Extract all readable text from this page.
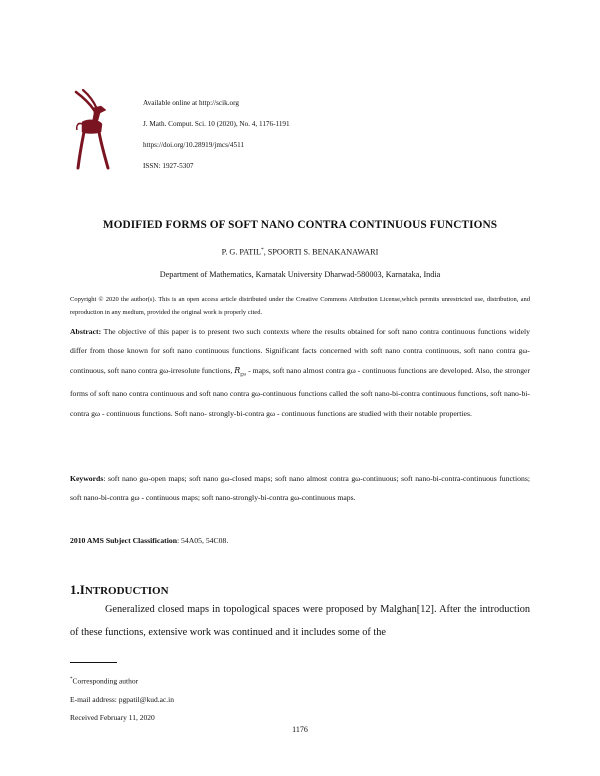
Available online at http://scik.org
J. Math. Comput. Sci. 10 (2020), No. 4, 1176-1191
https://doi.org/10.28919/jmcs/4511
ISSN: 1927-5307
MODIFIED FORMS OF SOFT NANO CONTRA CONTINUOUS FUNCTIONS
P. G. PATIL*, SPOORTI S. BENAKANAWARI
Department of Mathematics, Karnatak University Dharwad-580003, Karnataka, India
Copyright © 2020 the author(s). This is an open access article distributed under the Creative Commons Attribution License,which permits unrestricted use, distribution, and reproduction in any medium, provided the original work is properly cited.
Abstract: The objective of this paper is to present two such contexts where the results obtained for soft nano contra continuous functions widely differ from those known for soft nano continuous functions. Significant facts concerned with soft nano contra continuous, soft nano contra gω-continuous, soft nano contra gω-irresolute functions, $R_{g\omega}$ - maps, soft nano almost contra gω - continuous functions are developed. Also, the stronger forms of soft nano contra continuous and soft nano contra gω-continuous functions called the soft nano-bi-contra continuous functions, soft nano-bi-contra gω - continuous functions. Soft nano- strongly-bi-contra gω - continuous functions are studied with their notable properties.
Keywords: soft nano gω-open maps; soft nano gω-closed maps; soft nano almost contra gω-continuous; soft nano-bi-contra-continuous functions; soft nano-bi-contra gω - continuous maps; soft nano-strongly-bi-contra gω-continuous maps.
2010 AMS Subject Classification: 54A05, 54C08.
1.INTRODUCTION
Generalized closed maps in topological spaces were proposed by Malghan[12]. After the introduction of these functions, extensive work was continued and it includes some of the
*Corresponding author
E-mail address: pgpatil@kud.ac.in
Received February 11, 2020
1176
